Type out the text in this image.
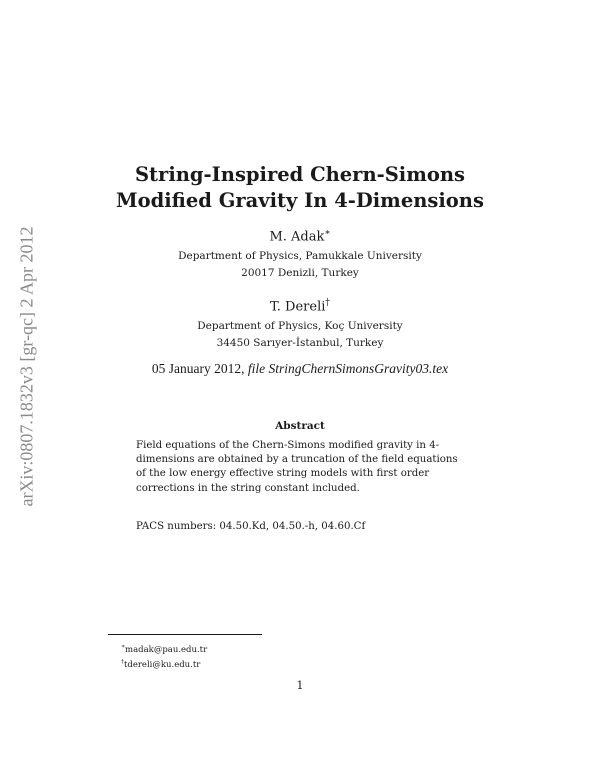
arXiv:0807.1832v3 [gr-qc] 2 Apr 2012
String-Inspired Chern-Simons
Modified Gravity In 4-Dimensions
M. Adak∗
Department of Physics, Pamukkale University
20017 Denizli, Turkey
T. Dereli†
Department of Physics, Koç University
34450 Sarıyer-İstanbul, Turkey
05 January 2012, file StringChernSimonsGravity03.tex
Abstract

Field equations of the Chern-Simons modified gravity in 4-dimensions are obtained by a truncation of the field equations of the low energy effective string models with first order corrections in the string constant included.

PACS numbers: 04.50.Kd, 04.50.-h, 04.60.Cf
∗madak@pau.edu.tr
†tdereli@ku.edu.tr
1
